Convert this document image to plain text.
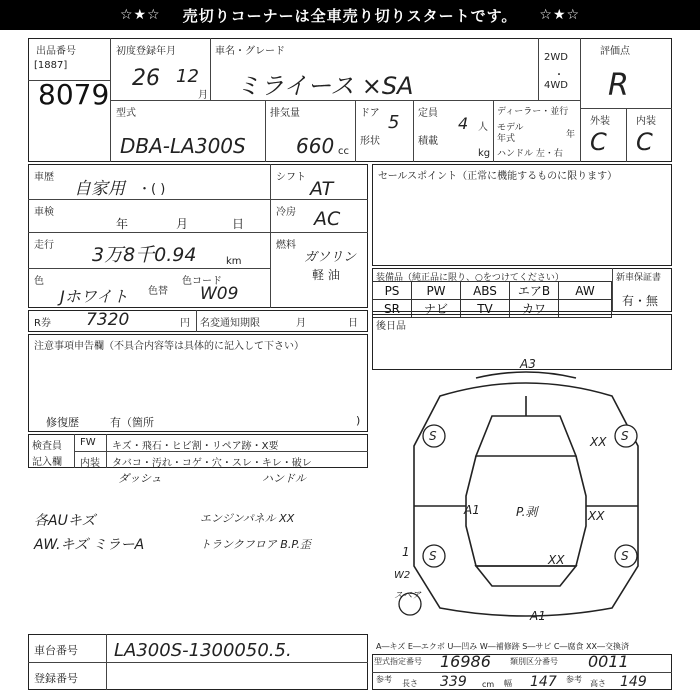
☆★☆ 売切りコーナーは全車売り切りスタートです。 ☆★☆
出品番号
[1887]
8079
初度登録年月
26 12
月
車名・グレード
ミライース ×SA
2WD
・
4WD
評価点
R
外装	内装
C C
型式
DBA-LA300S
排気量
660 cc
ドア 5
形状
定員
4 人
積載
kg
ディーラー・並行
モデル
年式	年
ハンドル 左・右
車歴
自家用 ・( )
車検
年	月	日
走行 3万8千0.94	km
色
Jホワイト 色替
色コード
W09
シフト
AT
冷房 AC
燃料
ガソリン
軽 油
セールスポイント（正常に機能するものに限ります）
装備品（純正品に限り、○をつけてください）	新車保証書
有・無
PS	PW	ABS	エアB	AW
SR	ナビ	TV	カワ	
R券 7320	円 名変通知期限	月	日
注意事項申告欄（不具合内容等は具体的に記入して下さい）
修復歴	有（箇所	)
後日品
検査員
記入欄
FW キズ・飛石・ヒビ割・リペア跡・X要
内装 タバコ・汚れ・コゲ・穴・スレ・キレ・破レ
ダッシュ	ハンドル
各AUキズ
AW.キズ ミラーA
エンジンパネル XX
トランクフロア B.P.歪
A3
S	S
S	S
XX
XX
XX
A1
A1
P.剥
1
W2
スペア
車台番号 LA300S-1300050.5.
登録番号
A―キズ E―エクボ U―凹み W―補修跡 S―サビ C―腐食 XX―交換済
型式指定番号 16986 類別区分番号 0011
参考 長さ 339 cm 幅 147 参考 高さ 149
